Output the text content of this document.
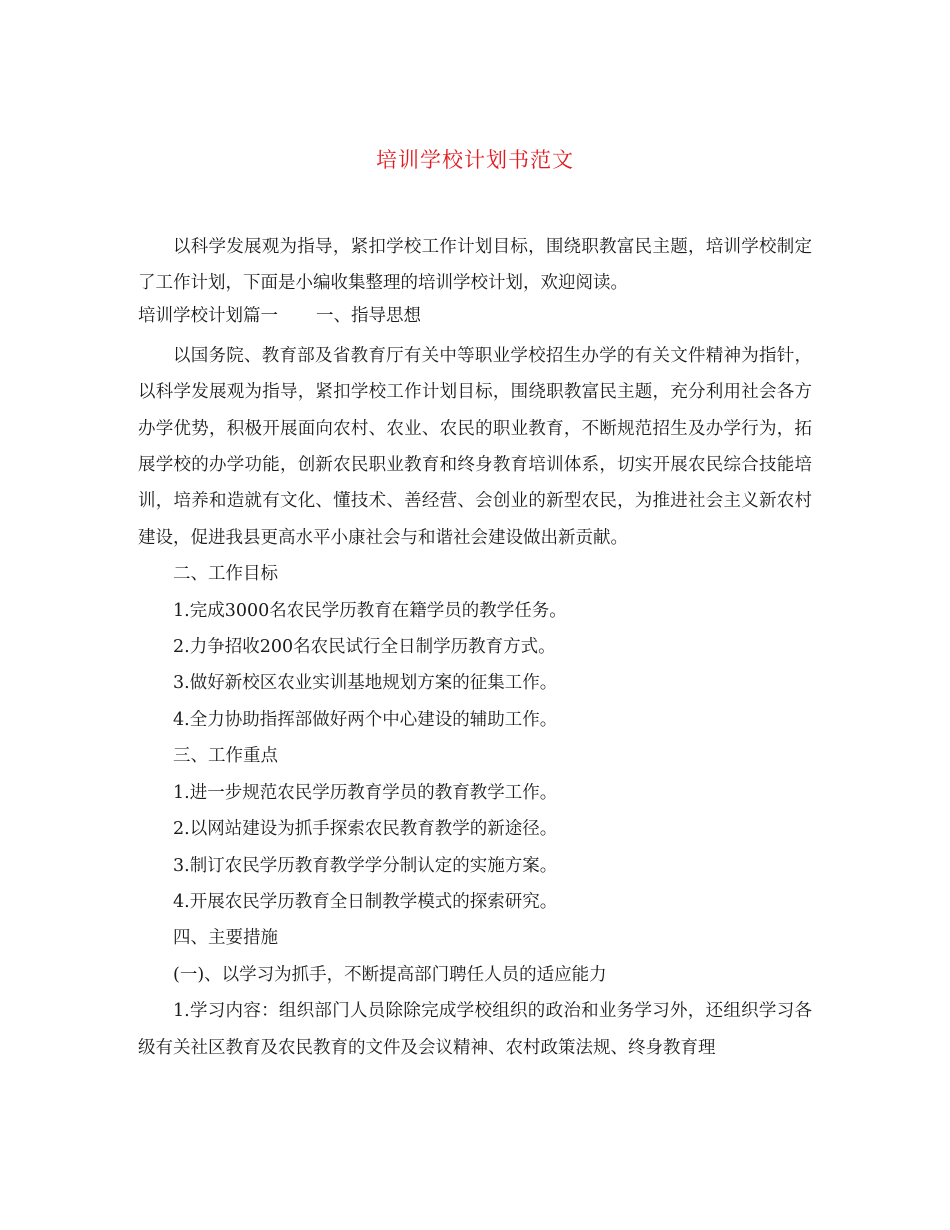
培训学校计划书范文

以科学发展观为指导，紧扣学校工作计划目标，围绕职教富民主题，培训学校制定了工作计划，下面是小编收集整理的培训学校计划，欢迎阅读。

培训学校计划篇一 一、指导思想

以国务院、教育部及省教育厅有关中等职业学校招生办学的有关文件精神为指针，以科学发展观为指导，紧扣学校工作计划目标，围绕职教富民主题，充分利用社会各方办学优势，积极开展面向农村、农业、农民的职业教育，不断规范招生及办学行为，拓展学校的办学功能，创新农民职业教育和终身教育培训体系，切实开展农民综合技能培训，培养和造就有文化、懂技术、善经营、会创业的新型农民，为推进社会主义新农村建设，促进我县更高水平小康社会与和谐社会建设做出新贡献。

二、工作目标

1.完成3000名农民学历教育在籍学员的教学任务。

2.力争招收200名农民试行全日制学历教育方式。

3.做好新校区农业实训基地规划方案的征集工作。

4.全力协助指挥部做好两个中心建设的辅助工作。

三、工作重点

1.进一步规范农民学历教育学员的教育教学工作。

2.以网站建设为抓手探索农民教育教学的新途径。

3.制订农民学历教育教学学分制认定的实施方案。

4.开展农民学历教育全日制教学模式的探索研究。

四、主要措施

(一)、以学习为抓手，不断提高部门聘任人员的适应能力

1.学习内容：组织部门人员除除完成学校组织的政治和业务学习外，还组织学习各级有关社区教育及农民教育的文件及会议精神、农村政策法规、终身教育理
